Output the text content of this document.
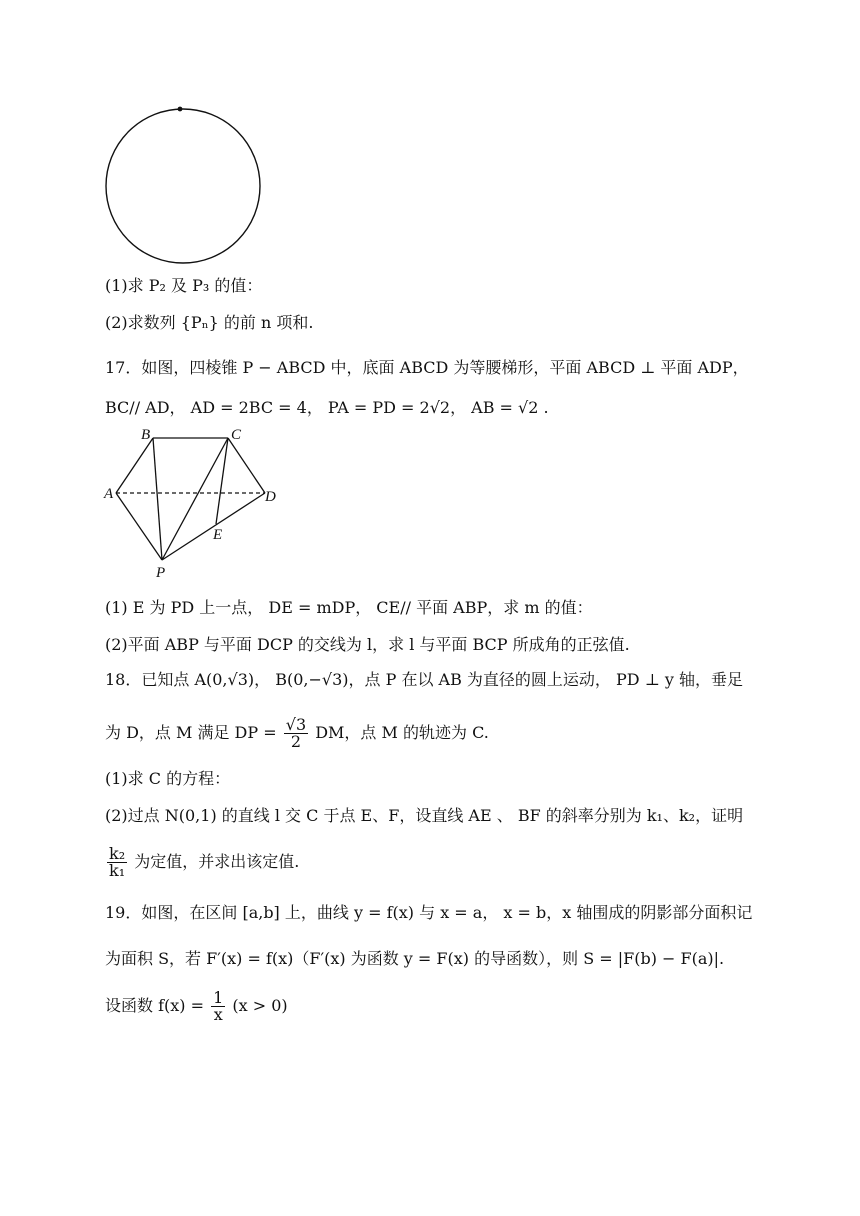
(1)求 P₂ 及 P₃ 的值：
(2)求数列 {Pₙ} 的前 n 项和.
17．如图，四棱锥 P − ABCD 中，底面 ABCD 为等腰梯形，平面 ABCD ⊥ 平面 ADP，
BC// AD， AD = 2BC = 4， PA = PD = 2√2， AB = √2 .
B	C
A	D
E
P
(1) E 为 PD 上一点， DE = mDP， CE// 平面 ABP，求 m 的值：
(2)平面 ABP 与平面 DCP 的交线为 l，求 l 与平面 BCP 所成角的正弦值.
18．已知点 A(0,√3)， B(0,−√3)，点 P 在以 AB 为直径的圆上运动， PD ⊥ y 轴，垂足
为 D，点 M 满足 DP = $\frac{√3}{2}$ DM，点 M 的轨迹为 C.
(1)求 C 的方程：
(2)过点 N(0,1) 的直线 l 交 C 于点 E、F，设直线 AE 、 BF 的斜率分别为 k₁、k₂，证明
$\frac{\text{k₂}}{\text{k₁}}$ 为定值，并求出该定值.
19．如图，在区间 [a,b] 上，曲线 y = f(x) 与 x = a， x = b，x 轴围成的阴影部分面积记
为面积 S，若 F′(x) = f(x)（F′(x) 为函数 y = F(x) 的导函数），则 S = |F(b) − F(a)|.
设函数 $f(x) = \frac{1}{x} (x > 0)$
